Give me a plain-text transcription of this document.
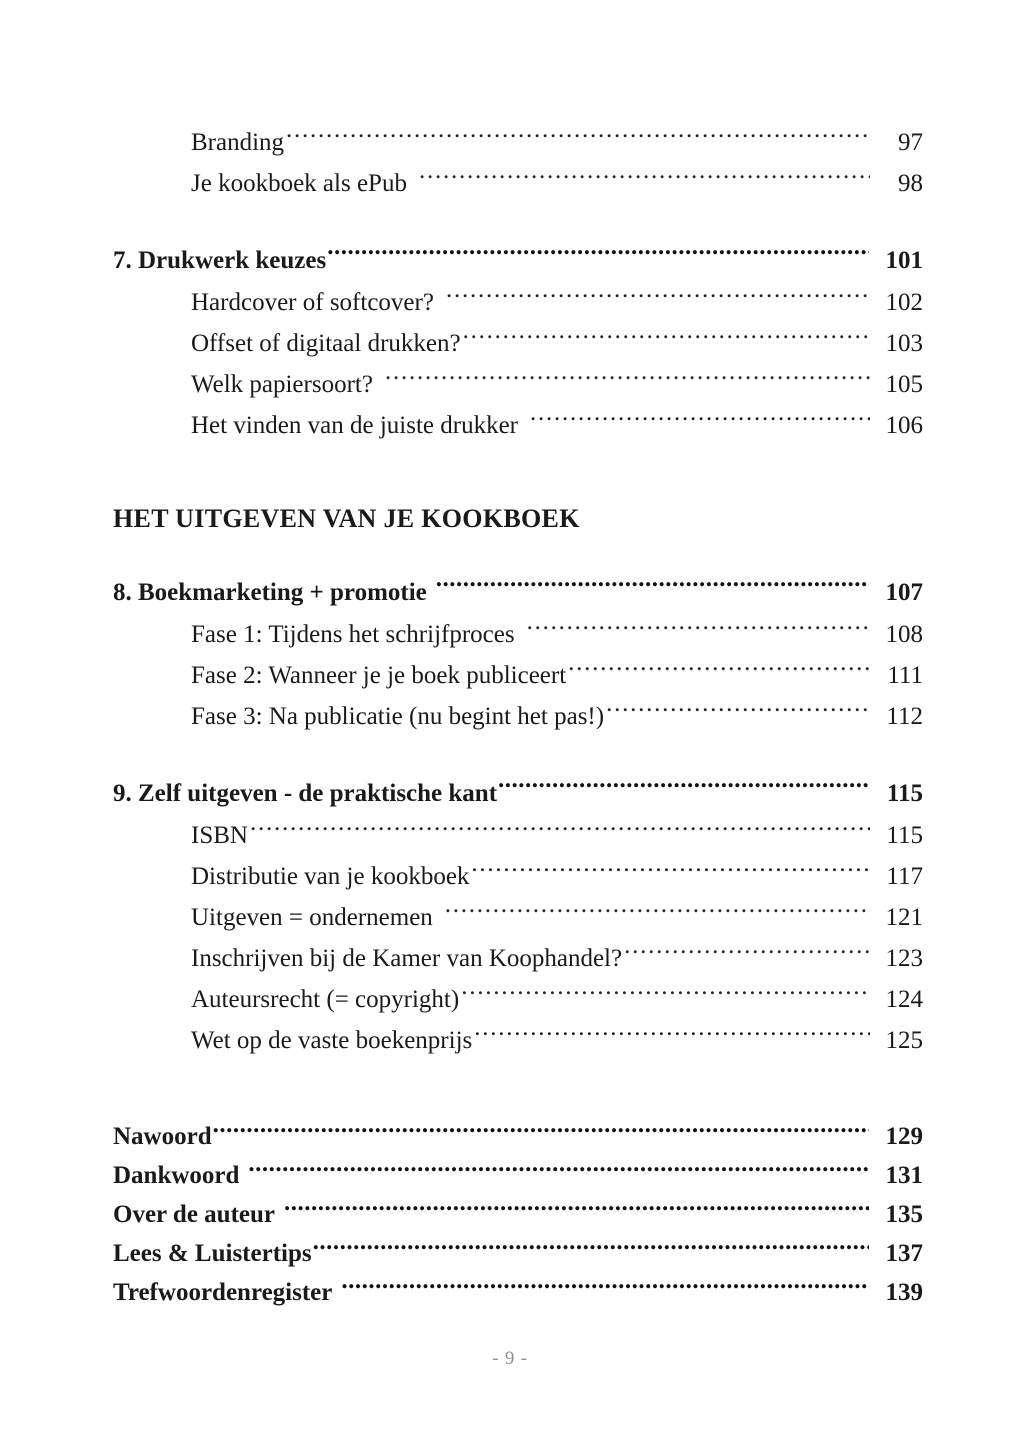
Branding .....	97
Je kookboek als ePub .....	98
7. Drukwerk keuzes .....	101
Hardcover of softcover? .....	102
Offset of digitaal drukken? .....	103
Welk papiersoort? .....	105
Het vinden van de juiste drukker .....	106
HET UITGEVEN VAN JE KOOKBOEK
8. Boekmarketing + promotie .....	107
Fase 1: Tijdens het schrijfproces .....	108
Fase 2: Wanneer je je boek publiceert .....	111
Fase 3: Na publicatie (nu begint het pas!) .....	112
9. Zelf uitgeven - de praktische kant .....	115
ISBN .....	115
Distributie van je kookboek .....	117
Uitgeven = ondernemen .....	121
Inschrijven bij de Kamer van Koophandel? .....	123
Auteursrecht (= copyright) .....	124
Wet op de vaste boekenprijs .....	125
Nawoord .....	129
Dankwoord .....	131
Over de auteur .....	135
Lees & Luistertips .....	137
Trefwoordenregister .....	139
- 9 -
